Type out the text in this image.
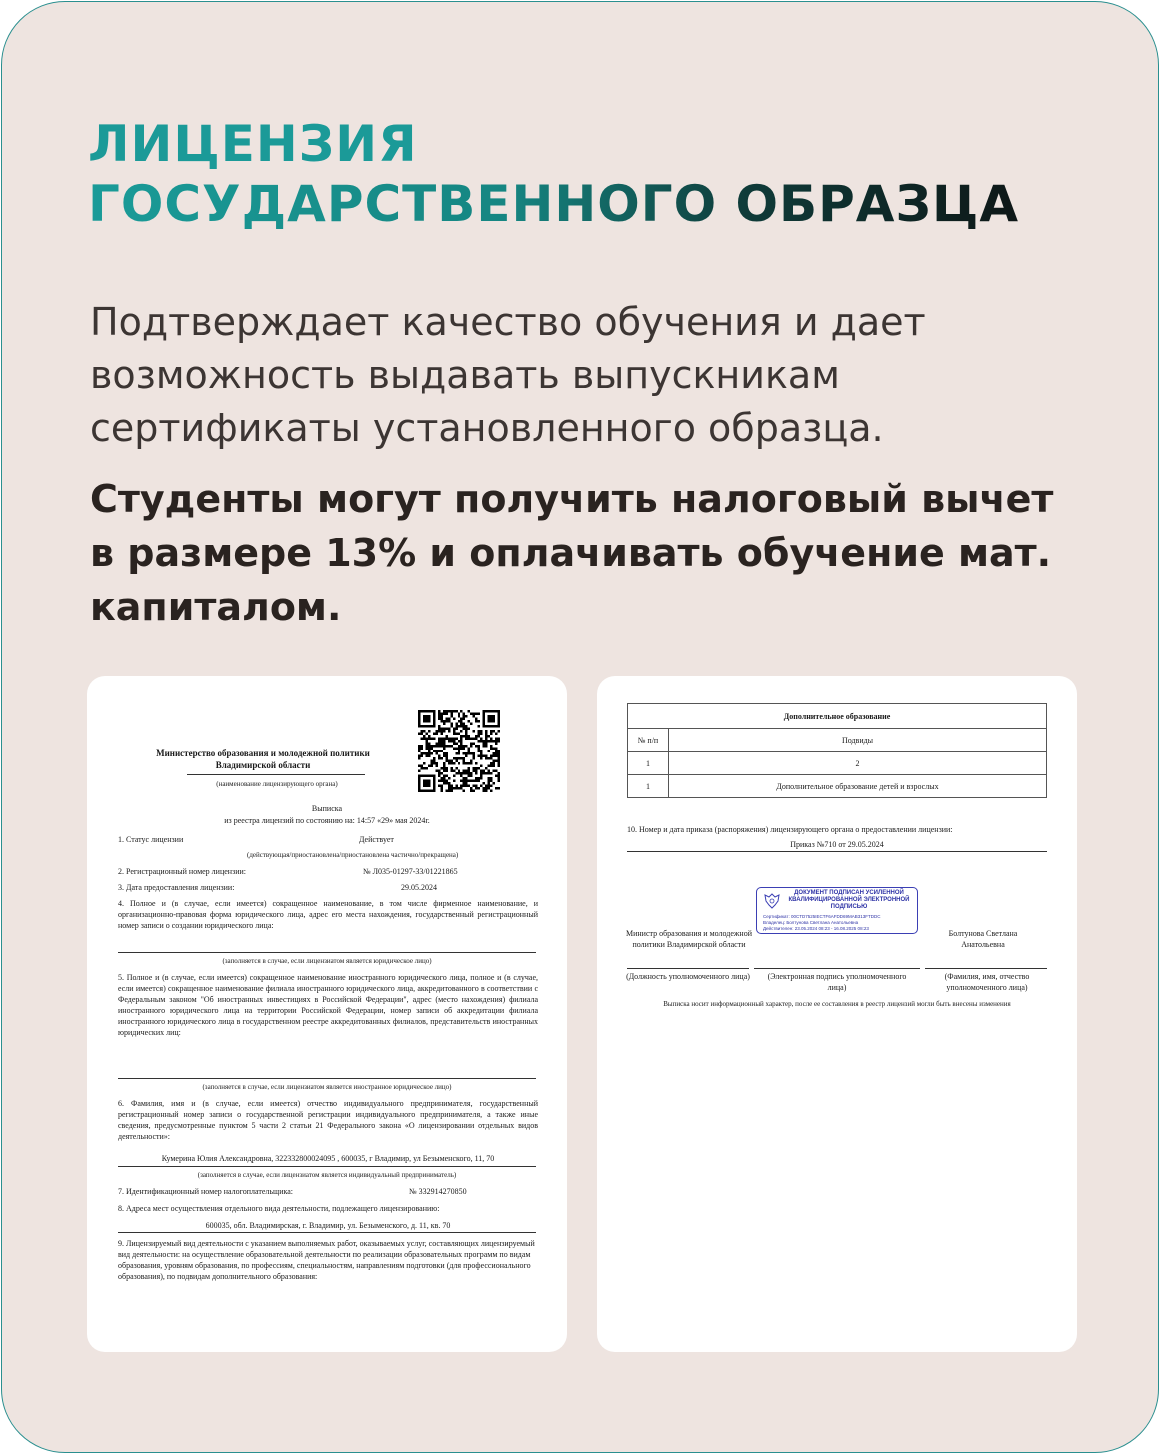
ЛИЦЕНЗИЯ
ГОСУДАРСТВЕННОГО ОБРАЗЦА

Подтверждает качество обучения и дает возможность выдавать выпускникам сертификаты установленного образца.

Студенты могут получить налоговый вычет в размере 13% и оплачивать обучение мат. капиталом.

Министерство образования и молодежной политики Владимирской области
(наименование лицензирующего органа)
Выписка
из реестра лицензий по состоянию на: 14:57 «29» мая 2024г.
1. Статус лицензии	Действует
(действующая/приостановлена/приостановлена частично/прекращена)
2. Регистрационный номер лицензии:	№ Л035-01297-33/01221865
3. Дата предоставления лицензии:	29.05.2024
4. Полное и (в случае, если имеется) сокращенное наименование, в том числе фирменное наименование, и организационно-правовая форма юридического лица, адрес его места нахождения, государственный регистрационный номер записи о создании юридического лица:
(заполняется в случае, если лицензиатом является юридическое лицо)
5. Полное и (в случае, если имеется) сокращенное наименование иностранного юридического лица, полное и (в случае, если имеется) сокращенное наименование филиала иностранного юридического лица, аккредитованного в соответствии с Федеральным законом "Об иностранных инвестициях в Российской Федерации", адрес (место нахождения) филиала иностранного юридического лица на территории Российской Федерации, номер записи об аккредитации филиала иностранного юридического лица в государственном реестре аккредитованных филиалов, представительств иностранных юридических лиц:
(заполняется в случае, если лицензиатом является иностранное юридическое лицо)
6. Фамилия, имя и (в случае, если имеется) отчество индивидуального предпринимателя, государственный регистрационный номер записи о государственной регистрации индивидуального предпринимателя, а также иные сведения, предусмотренные пунктом 5 части 2 статьи 21 Федерального закона «О лицензировании отдельных видов деятельности»:
Кумерина Юлия Александровна, 322332800024095 , 600035, г Владимир, ул Безыменского, 11, 70
(заполняется в случае, если лицензиатом является индивидуальный предприниматель)
7. Идентификационный номер налогоплательщика:	№ 332914270850
8. Адреса мест осуществления отдельного вида деятельности, подлежащего лицензированию:
600035, обл. Владимирская, г. Владимир, ул. Безыменского, д. 11, кв. 70
9. Лицензируемый вид деятельности с указанием выполняемых работ, оказываемых услуг, составляющих лицензируемый вид деятельности: на осуществление образовательной деятельности по реализации образовательных программ по видам образования, уровням образования, по профессиям, специальностям, направлениям подготовки (для профессионального образования), по подвидам дополнительного образования:
Дополнительное образование	
№ п/п	Подвиды
1	2
1	Дополнительное образование детей и взрослых
10. Номер и дата приказа (распоряжения) лицензирующего органа о предоставлении лицензии:
Приказ №710 от 29.05.2024
ДОКУМЕНТ ПОДПИСАН УСИЛЕННОЙ КВАЛИФИЦИРОВАННОЙ ЭЛЕКТРОННОЙ ПОДПИСЬЮ
Сертификат: 00CTD7525IECTF6AFDD69MAB313FTDDC
Владелец: Болтунова Светлана Анатольевна
Действителен: 23.05.2024 08:23 - 16.08.2025 08:23
Министр образования и молодежной политики Владимирской области
Болтунова Светлана Анатольевна
(Должность уполномоченного лица)	(Электронная подпись уполномоченного лица)
(Фамилия, имя, отчество уполномоченного лица)
Выписка носит информационный характер, после ее составления в реестр лицензий могли быть внесены изменения
